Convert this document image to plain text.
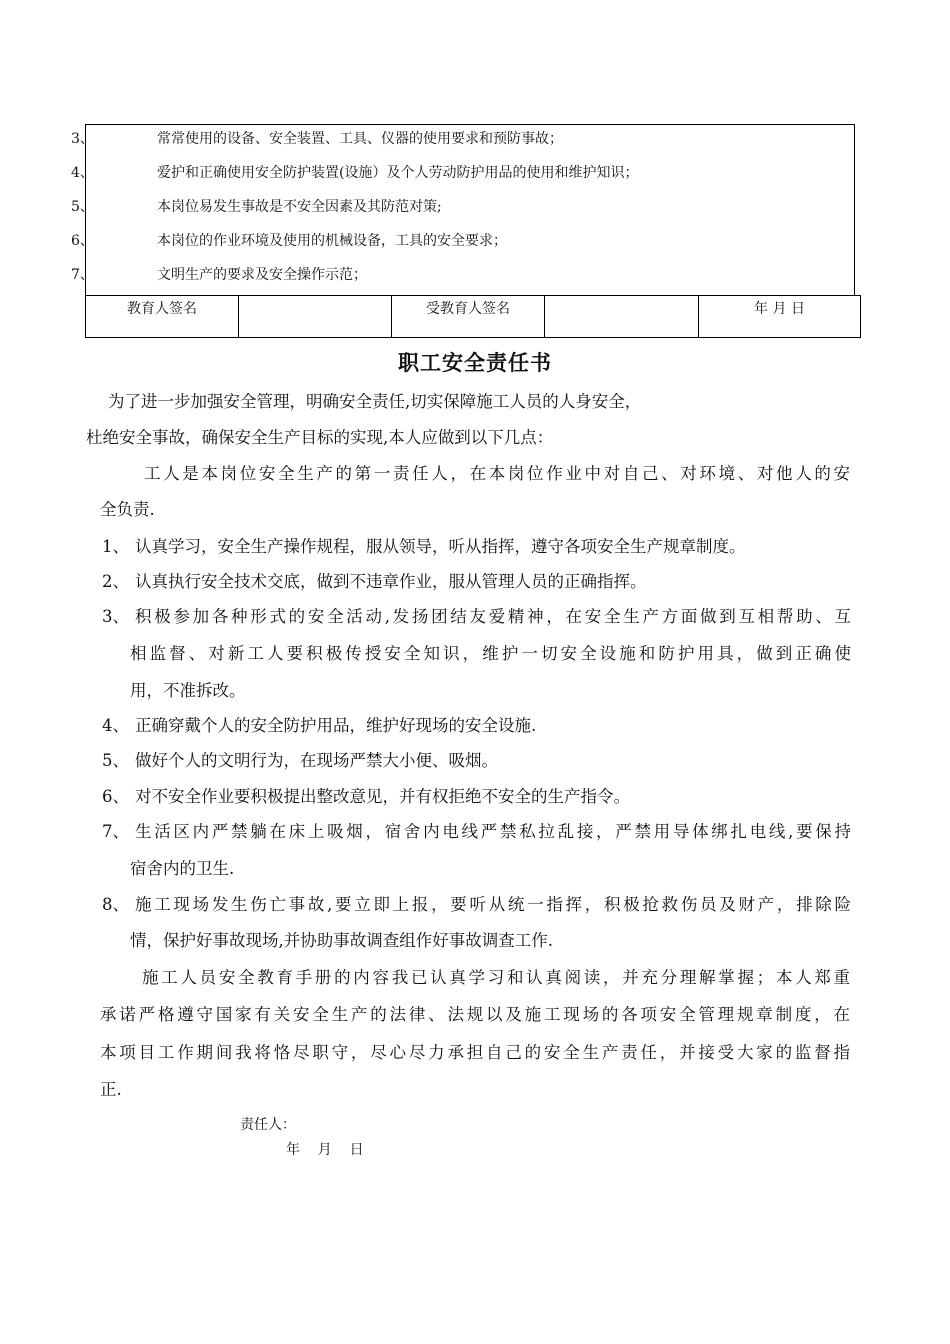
3、	常常使用的设备、安全装置、工具、仪器的使用要求和预防事故；
4、	爱护和正确使用安全防护装置(设施）及个人劳动防护用品的使用和维护知识；
5、	本岗位易发生事故是不安全因素及其防范对策;
6、	本岗位的作业环境及使用的机械设备，工具的安全要求；
7、	文明生产的要求及安全操作示范；
教育人签名		受教育人签名		年 月 日
职工安全责任书
为了进一步加强安全管理，明确安全责任,切实保障施工人员的人身安全，
杜绝安全事故，确保安全生产目标的实现,本人应做到以下几点：
工人是本岗位安全生产的第一责任人，在本岗位作业中对自己、对环境、对他人的安
全负责.
1、 认真学习，安全生产操作规程，服从领导，听从指挥，遵守各项安全生产规章制度。
2、 认真执行安全技术交底，做到不违章作业，服从管理人员的正确指挥。
3、 积极参加各种形式的安全活动,发扬团结友爱精神，在安全生产方面做到互相帮助、互
相监督、对新工人要积极传授安全知识，维护一切安全设施和防护用具，做到正确使
用，不准拆改。
4、 正确穿戴个人的安全防护用品，维护好现场的安全设施.
5、 做好个人的文明行为，在现场严禁大小便、吸烟。
6、 对不安全作业要积极提出整改意见，并有权拒绝不安全的生产指令。
7、 生活区内严禁躺在床上吸烟，宿舍内电线严禁私拉乱接，严禁用导体绑扎电线,要保持
宿舍内的卫生.
8、 施工现场发生伤亡事故,要立即上报，要听从统一指挥，积极抢救伤员及财产，排除险
情，保护好事故现场,并协助事故调查组作好事故调查工作.
施工人员安全教育手册的内容我已认真学习和认真阅读，并充分理解掌握；本人郑重
承诺严格遵守国家有关安全生产的法律、法规以及施工现场的各项安全管理规章制度，在
本项目工作期间我将恪尽职守，尽心尽力承担自己的安全生产责任，并接受大家的监督指
正.
责任人：
年    月    日
